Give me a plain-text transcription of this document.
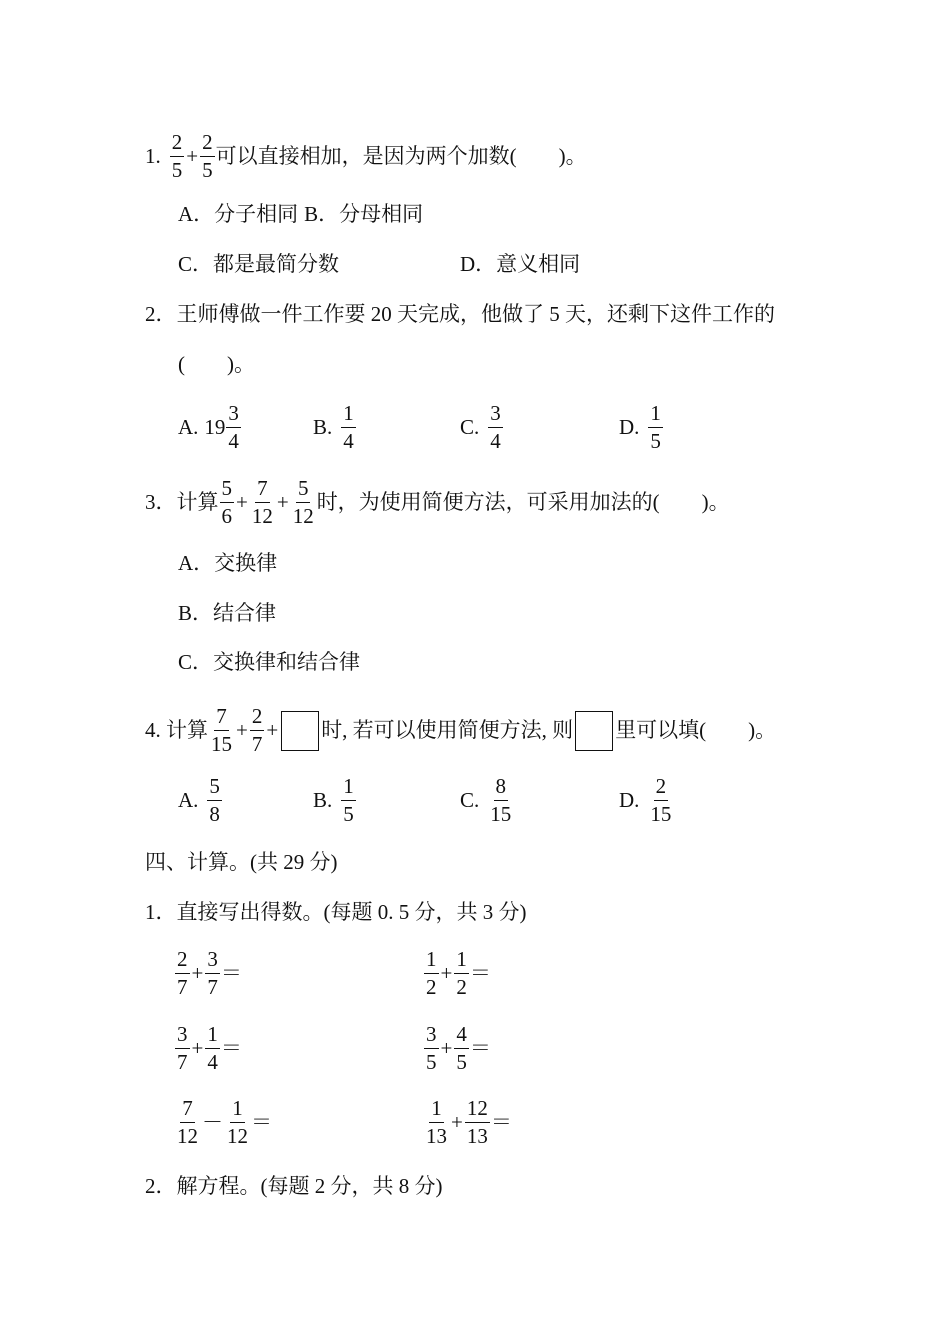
1. $\frac{2}{5} + \frac{2}{5}$ 可以直接相加，是因为两个加数(　　)。
A．分子相同 B．分母相同
C．都是最简分数	D．意义相同
2．王师傅做一件工作要 20 天完成，他做了 5 天，还剩下这件工作的
(　　)。
A. $19 \frac{3}{4}$	B. $\frac{1}{4}$	C. $\frac{3}{4}$	D. $\frac{1}{5}$
3．计算 $\frac{5}{6} + \frac{7}{12} + \frac{5}{12}$ 时，为使用简便方法，可采用加法的(　　)。
A．交换律
B．结合律
C．交换律和结合律
4. 计算 $\frac{7}{15} + \frac{2}{7}$ + 时, 若可以使用简便方法, 则 里可以填(　　)。
A. $\frac{5}{8}$	B. $\frac{1}{5}$	C. $\frac{8}{15}$	D. $\frac{2}{15}$
四、计算。(共 29 分)
1．直接写出得数。(每题 0. 5 分，共 3 分)
$\frac{2}{7} + \frac{3}{7}$ ＝	$\frac{1}{2} + \frac{1}{2}$ ＝
$\frac{3}{7} + \frac{1}{4}$ ＝	$\frac{3}{5} + \frac{4}{5}$ ＝
$\frac{7}{12} - \frac{1}{12}$ ＝	$\frac{1}{13} + \frac{12}{13}$ ＝
2．解方程。(每题 2 分，共 8 分)
